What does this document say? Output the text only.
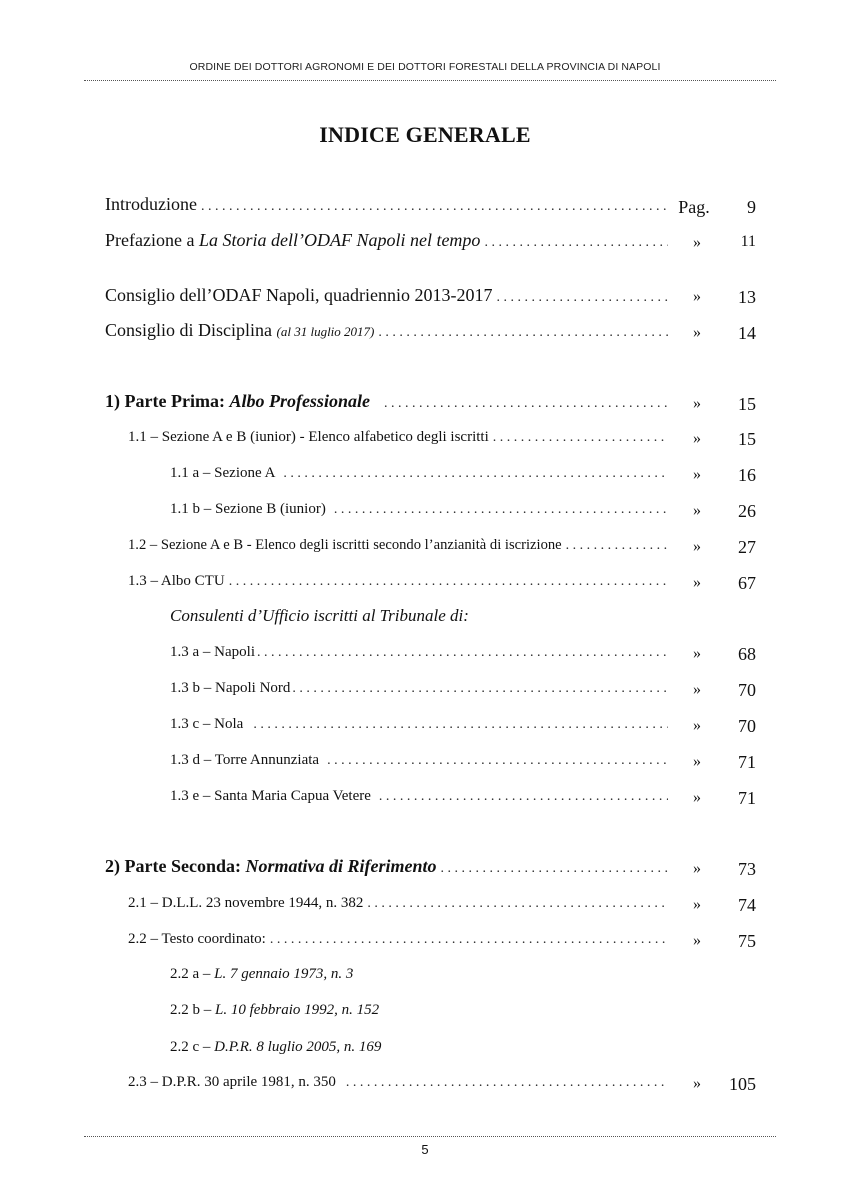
ORDINE DEI DOTTORI AGRONOMI E DEI DOTTORI FORESTALI DELLA PROVINCIA DI NAPOLI
INDICE GENERALE
Introduzione . . .	Pag.	9
Prefazione a La Storia dell’ODAF Napoli nel tempo . . .	»	11
Consiglio dell’ODAF Napoli, quadriennio 2013-2017 . . .	»	13
Consiglio di Disciplina (al 31 luglio 2017) . . .	»	14
1) Parte Prima: Albo Professionale . . .	»	15
1.1 – Sezione A e B (iunior) - Elenco alfabetico degli iscritti . . .	»	15
1.1 a – Sezione A . . .	»	16
1.1 b – Sezione B (iunior) . . .	»	26
1.2 – Sezione A e B - Elenco degli iscritti secondo l’anzianità di iscrizione . . .	»	27
1.3 – Albo CTU . . .	»	67
Consulenti d’Ufficio iscritti al Tribunale di:
1.3 a – Napoli . . .	»	68
1.3 b – Napoli Nord . . .	»	70
1.3 c – Nola . . .	»	70
1.3 d – Torre Annunziata . . .	»	71
1.3 e – Santa Maria Capua Vetere . . .	»	71
2) Parte Seconda: Normativa di Riferimento . . .	»	73
2.1 – D.L.L. 23 novembre 1944, n. 382 . . .	»	74
2.2 – Testo coordinato: . . .	»	75
2.2 a – L. 7 gennaio 1973, n. 3
2.2 b – L. 10 febbraio 1992, n. 152
2.2 c – D.P.R. 8 luglio 2005, n. 169
2.3 – D.P.R. 30 aprile 1981, n. 350 . . .	»	105
5
